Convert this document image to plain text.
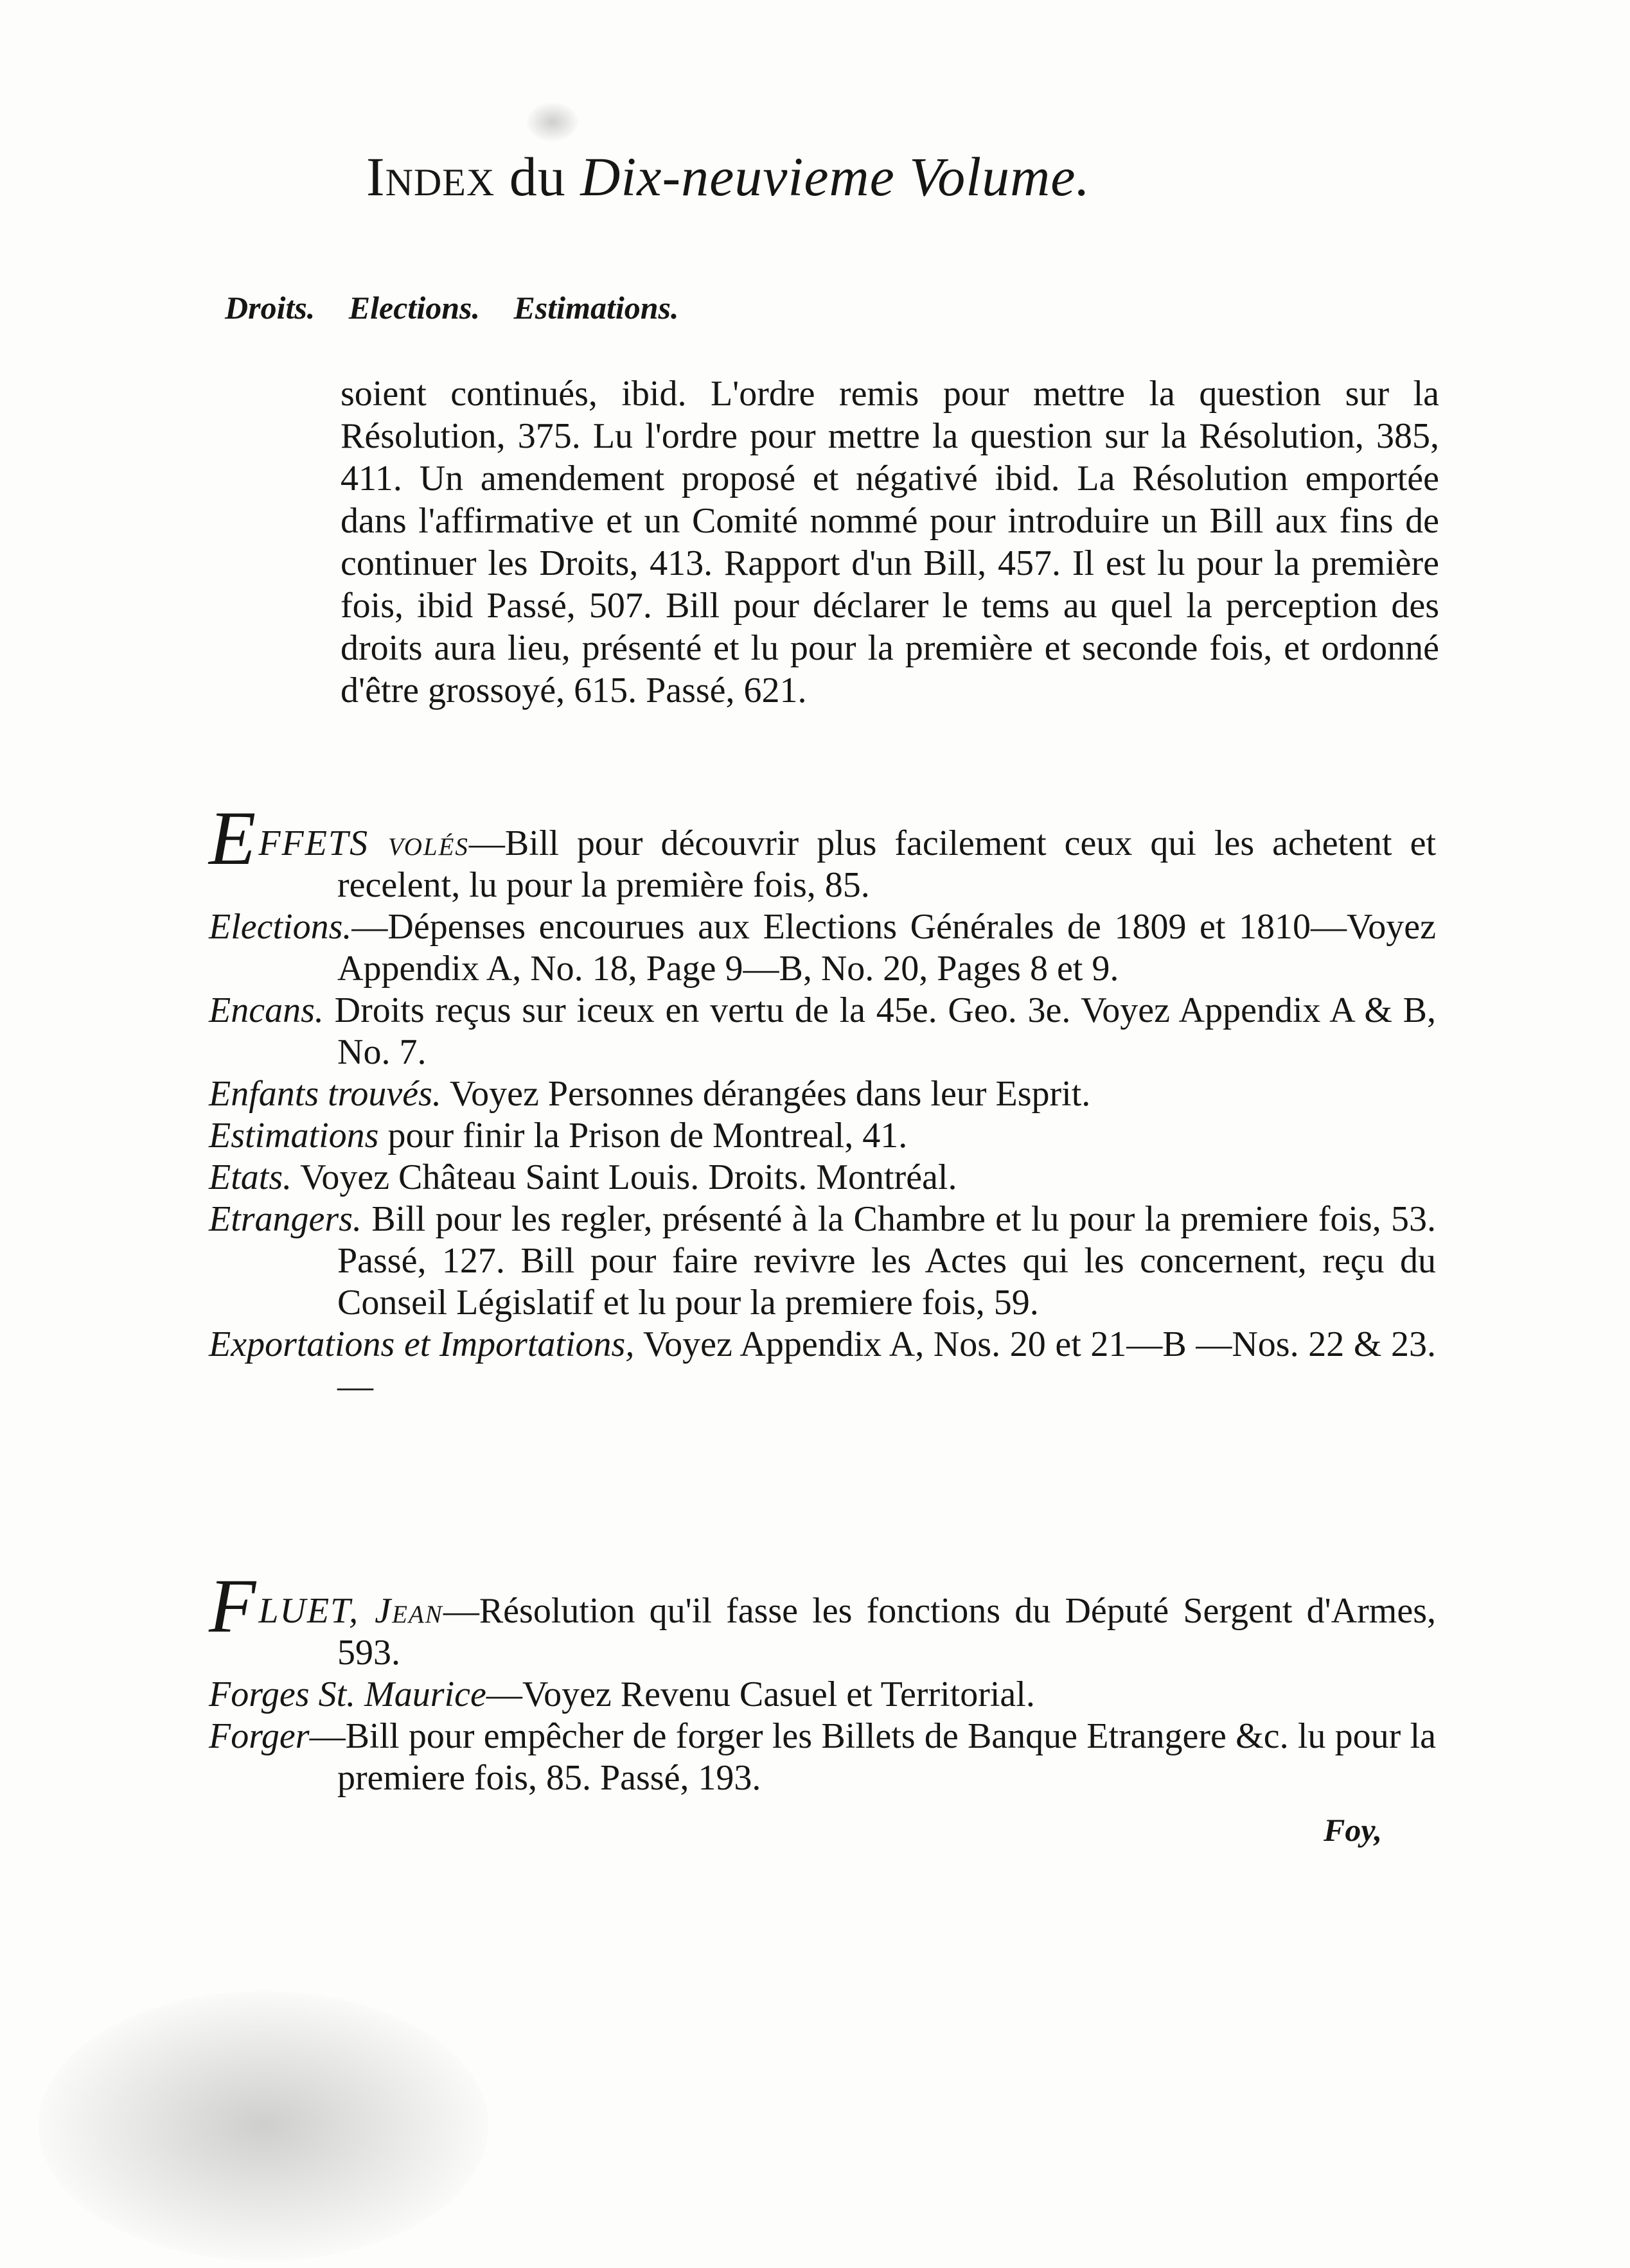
Index du Dix-neuvieme Volume.
Droits. Elections. Estimations.
soient continués, ibid. L'ordre remis pour mettre la question sur la Résolution, 375. Lu l'ordre pour mettre la question sur la Résolution, 385, 411. Un amendement proposé et négativé ibid. La Résolution emportée dans l'affirmative et un Comité nommé pour introduire un Bill aux fins de continuer les Droits, 413. Rapport d'un Bill, 457. Il est lu pour la première fois, ibid Passé, 507. Bill pour déclarer le tems au quel la perception des droits aura lieu, présenté et lu pour la première et seconde fois, et ordonné d'être grossoyé, 615. Passé, 621.

EFFETS volés—Bill pour découvrir plus facilement ceux qui les achetent et recelent, lu pour la première fois, 85.

Elections.—Dépenses encourues aux Elections Générales de 1809 et 1810—Voyez Appendix A, No. 18, Page 9—B, No. 20, Pages 8 et 9.

Encans. Droits reçus sur iceux en vertu de la 45e. Geo. 3e. Voyez Appendix A & B, No. 7.

Enfants trouvés. Voyez Personnes dérangées dans leur Esprit.

Estimations pour finir la Prison de Montreal, 41.

Etats. Voyez Château Saint Louis. Droits. Montréal.

Etrangers. Bill pour les regler, présenté à la Chambre et lu pour la premiere fois, 53. Passé, 127. Bill pour faire revivre les Actes qui les concernent, reçu du Conseil Législatif et lu pour la premiere fois, 59.

Exportations et Importations, Voyez Appendix A, Nos. 20 et 21—B —Nos. 22 & 23.—

FLUET, Jean—Résolution qu'il fasse les fonctions du Député Sergent d'Armes, 593.

Forges St. Maurice—Voyez Revenu Casuel et Territorial.

Forger—Bill pour empêcher de forger les Billets de Banque Etrangere &c. lu pour la premiere fois, 85. Passé, 193.

Foy,
